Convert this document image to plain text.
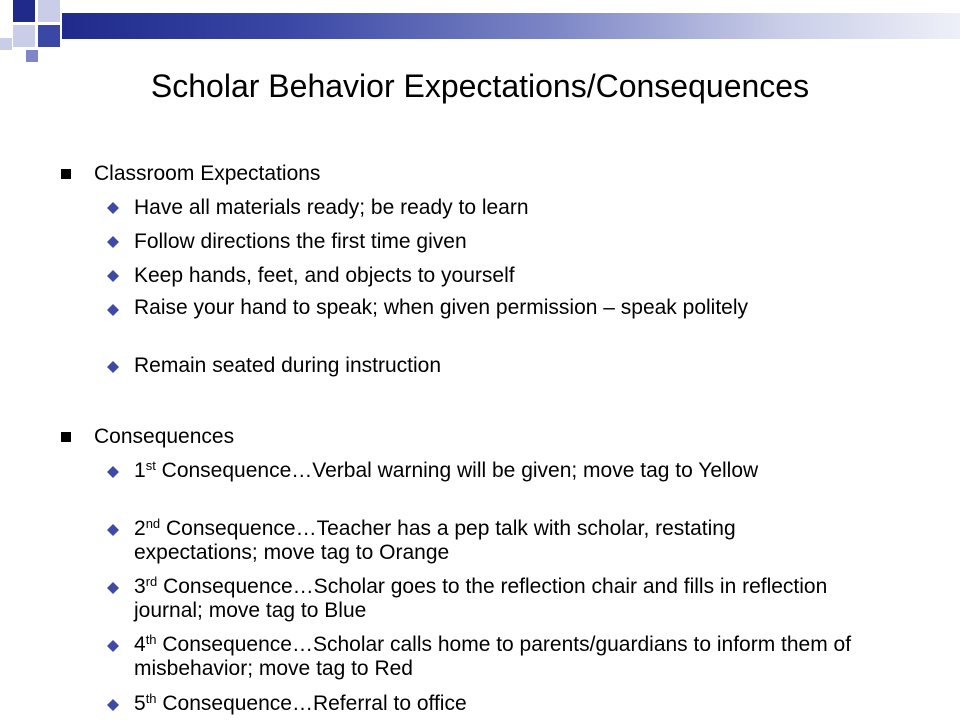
Scholar Behavior Expectations/Consequences
Classroom Expectations
Have all materials ready; be ready to learn
Follow directions the first time given
Keep hands, feet, and objects to yourself
Raise your hand to speak; when given permission – speak politely
Remain seated during instruction
Consequences
1st Consequence…Verbal warning will be given; move tag to Yellow
2nd Consequence…Teacher has a pep talk with scholar, restating expectations; move tag to Orange
3rd Consequence…Scholar goes to the reflection chair and fills in reflection journal; move tag to Blue
4th Consequence…Scholar calls home to parents/guardians to inform them of misbehavior; move tag to Red
5th Consequence…Referral to office
